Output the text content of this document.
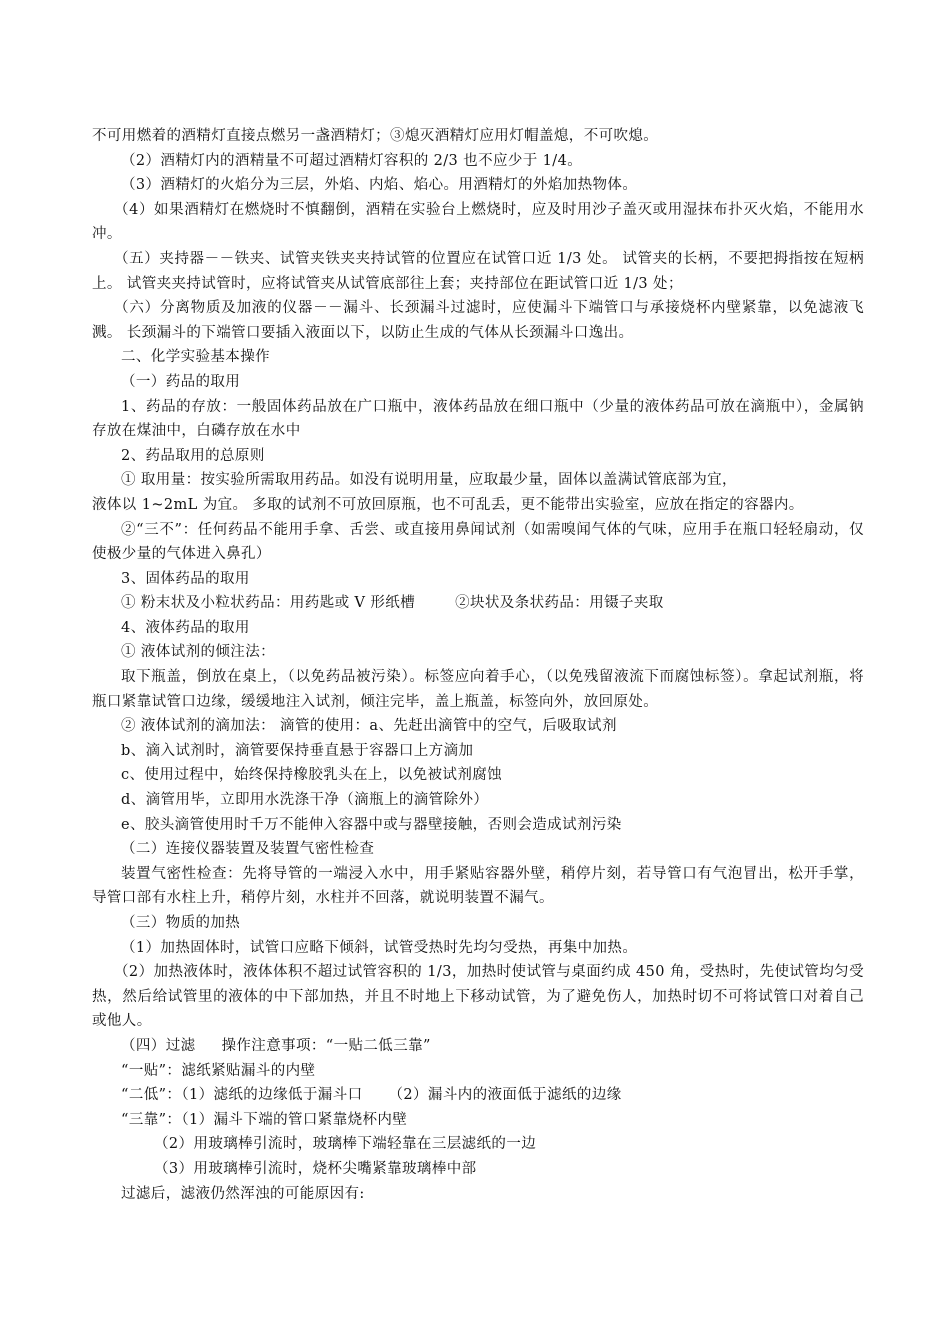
不可用燃着的酒精灯直接点燃另一盏酒精灯；③熄灭酒精灯应用灯帽盖熄，不可吹熄。

（2）酒精灯内的酒精量不可超过酒精灯容积的 2/3 也不应少于 1/4。

（3）酒精灯的火焰分为三层，外焰、内焰、焰心。用酒精灯的外焰加热物体。

（4）如果酒精灯在燃烧时不慎翻倒，酒精在实验台上燃烧时，应及时用沙子盖灭或用湿抹布扑灭火焰，不能用水冲。

（五）夹持器－－铁夹、试管夹铁夹夹持试管的位置应在试管口近 1/3 处。 试管夹的长柄，不要把拇指按在短柄上。 试管夹夹持试管时，应将试管夹从试管底部往上套；夹持部位在距试管口近 1/3 处；

（六）分离物质及加液的仪器－－漏斗、长颈漏斗过滤时，应使漏斗下端管口与承接烧杯内壁紧靠，以免滤液飞溅。 长颈漏斗的下端管口要插入液面以下，以防止生成的气体从长颈漏斗口逸出。

二、化学实验基本操作

（一）药品的取用

1、药品的存放：一般固体药品放在广口瓶中，液体药品放在细口瓶中（少量的液体药品可放在滴瓶中），金属钠存放在煤油中，白磷存放在水中

2、药品取用的总原则

① 取用量：按实验所需取用药品。如没有说明用量，应取最少量，固体以盖满试管底部为宜，

液体以 1~2mL 为宜。 多取的试剂不可放回原瓶，也不可乱丢，更不能带出实验室，应放在指定的容器内。

②“三不”：任何药品不能用手拿、舌尝、或直接用鼻闻试剂（如需嗅闻气体的气味，应用手在瓶口轻轻扇动，仅使极少量的气体进入鼻孔）

3、固体药品的取用

① 粉末状及小粒状药品：用药匙或 V 形纸槽	②块状及条状药品：用镊子夹取

4、液体药品的取用

① 液体试剂的倾注法：

取下瓶盖，倒放在桌上，（以免药品被污染）。标签应向着手心，（以免残留液流下而腐蚀标签）。拿起试剂瓶，将瓶口紧靠试管口边缘，缓缓地注入试剂，倾注完毕，盖上瓶盖，标签向外，放回原处。

② 液体试剂的滴加法： 滴管的使用：a、先赶出滴管中的空气，后吸取试剂

b、滴入试剂时，滴管要保持垂直悬于容器口上方滴加

c、使用过程中，始终保持橡胶乳头在上，以免被试剂腐蚀

d、滴管用毕，立即用水洗涤干净（滴瓶上的滴管除外）

e、胶头滴管使用时千万不能伸入容器中或与器壁接触，否则会造成试剂污染

（二）连接仪器装置及装置气密性检查

装置气密性检查：先将导管的一端浸入水中，用手紧贴容器外壁，稍停片刻，若导管口有气泡冒出，松开手掌，导管口部有水柱上升，稍停片刻，水柱并不回落，就说明装置不漏气。

（三）物质的加热

（1）加热固体时，试管口应略下倾斜，试管受热时先均匀受热，再集中加热。

（2）加热液体时，液体体积不超过试管容积的 1/3，加热时使试管与桌面约成 450 角，受热时，先使试管均匀受热，然后给试管里的液体的中下部加热，并且不时地上下移动试管，为了避免伤人，加热时切不可将试管口对着自己或他人。

（四）过滤 操作注意事项：“一贴二低三靠”

“一贴”：滤纸紧贴漏斗的内壁

“二低”：（1）滤纸的边缘低于漏斗口 （2）漏斗内的液面低于滤纸的边缘

“三靠”：（1）漏斗下端的管口紧靠烧杯内壁

（2）用玻璃棒引流时，玻璃棒下端轻靠在三层滤纸的一边

（3）用玻璃棒引流时，烧杯尖嘴紧靠玻璃棒中部

过滤后，滤液仍然浑浊的可能原因有:
